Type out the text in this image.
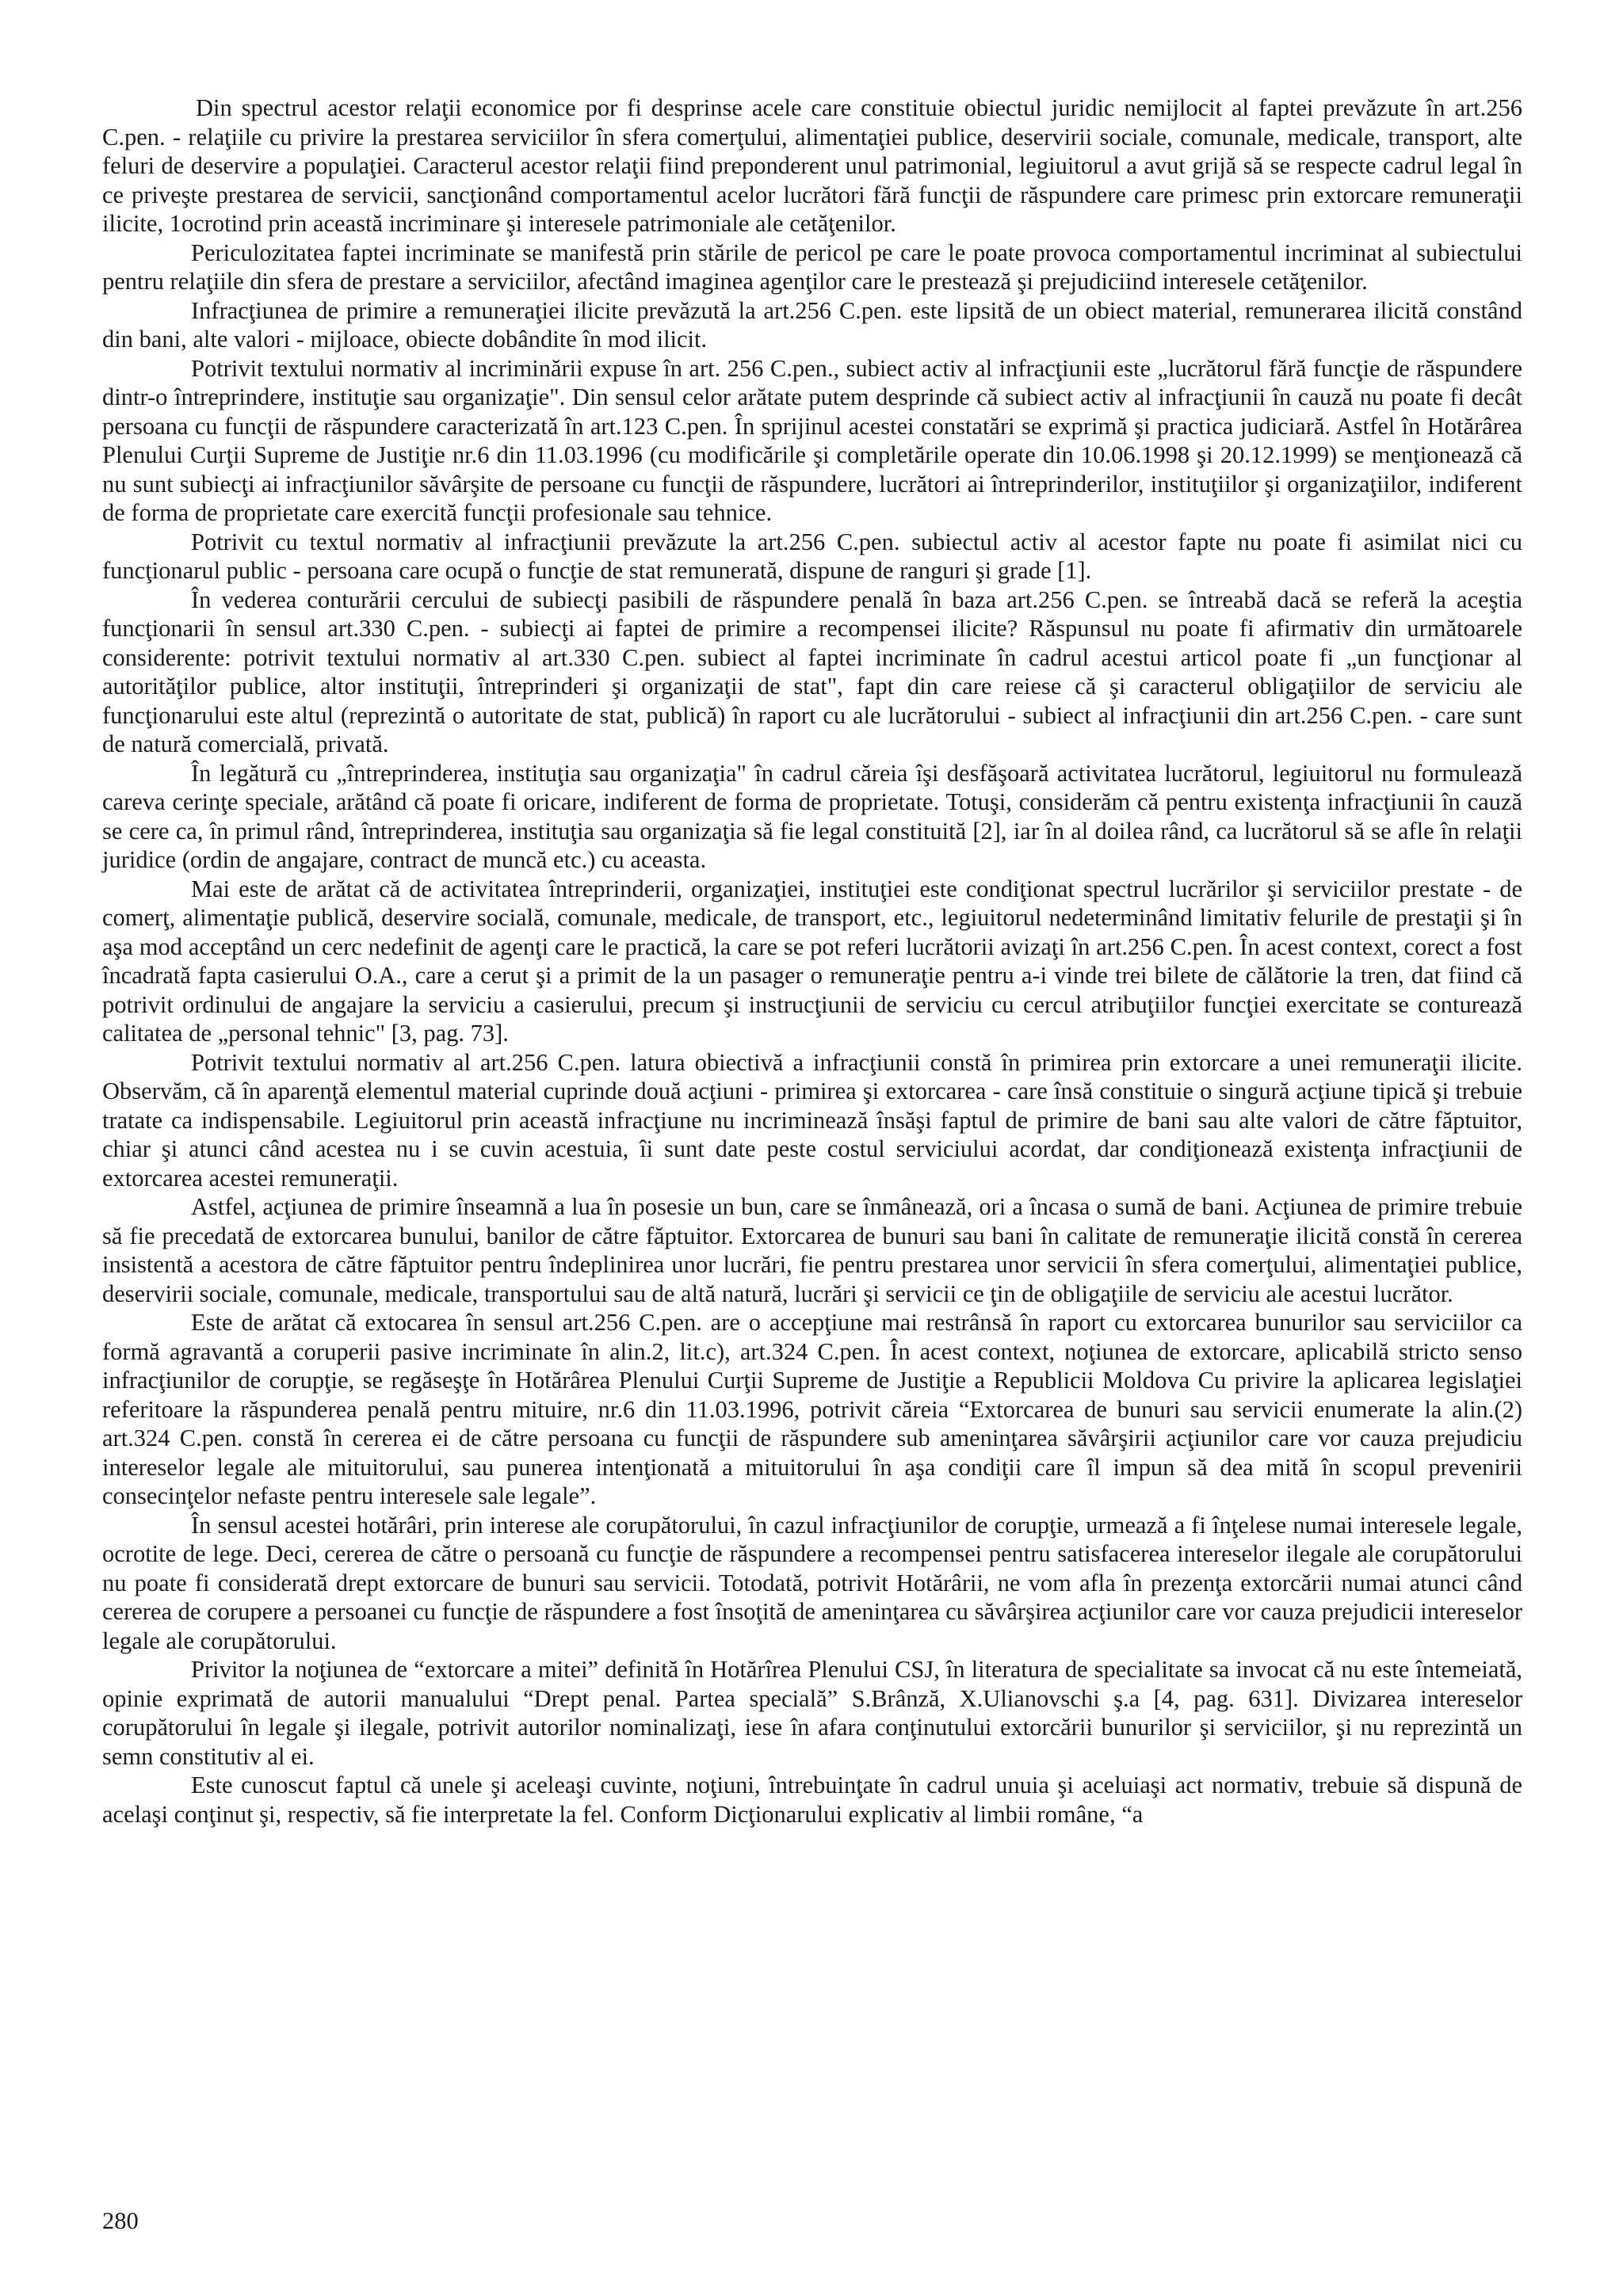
Din spectrul acestor relaţii economice por fi desprinse acele care constituie obiectul juridic nemijlocit al faptei prevăzute în art.256 C.pen. - relaţiile cu privire la prestarea serviciilor în sfera comerţului, alimentaţiei publice, deservirii sociale, comunale, medicale, transport, alte feluri de deservire a populaţiei. Caracterul acestor relaţii fiind preponderent unul patrimonial, legiuitorul a avut grijă să se respecte cadrul legal în ce priveşte prestarea de servicii, sancţionând comportamentul acelor lucrători fără funcţii de răspundere care primesc prin extorcare remuneraţii ilicite, 1ocrotind prin această incriminare şi interesele patrimoniale ale cetăţenilor.

Periculozitatea faptei incriminate se manifestă prin stările de pericol pe care le poate provoca comportamentul incriminat al subiectului pentru relaţiile din sfera de prestare a serviciilor, afectând imaginea agenţilor care le prestează şi prejudiciind interesele cetăţenilor.

Infracţiunea de primire a remuneraţiei ilicite prevăzută la art.256 C.pen. este lipsită de un obiect material, remunerarea ilicită constând din bani, alte valori - mijloace, obiecte dobândite în mod ilicit.

Potrivit textului normativ al incriminării expuse în art. 256 C.pen., subiect activ al infracţiunii este „lucrătorul fără funcţie de răspundere dintr-o întreprindere, instituţie sau organizaţie". Din sensul celor arătate putem desprinde că subiect activ al infracţiunii în cauză nu poate fi decât persoana cu funcţii de răspundere caracterizată în art.123 C.pen. În sprijinul acestei constatări se exprimă şi practica judiciară. Astfel în Hotărârea Plenului Curţii Supreme de Justiţie nr.6 din 11.03.1996 (cu modificările şi completările operate din 10.06.1998 şi 20.12.1999) se menţionează că nu sunt subiecţi ai infracţiunilor săvârşite de persoane cu funcţii de răspundere, lucrători ai întreprinderilor, instituţiilor şi organizaţiilor, indiferent de forma de proprietate care exercită funcţii profesionale sau tehnice.

Potrivit cu textul normativ al infracţiunii prevăzute la art.256 C.pen. subiectul activ al acestor fapte nu poate fi asimilat nici cu funcţionarul public - persoana care ocupă o funcţie de stat remunerată, dispune de ranguri şi grade [1].

În vederea conturării cercului de subiecţi pasibili de răspundere penală în baza art.256 C.pen. se întreabă dacă se referă la aceştia funcţionarii în sensul art.330 C.pen. - subiecţi ai faptei de primire a recompensei ilicite? Răspunsul nu poate fi afirmativ din următoarele considerente: potrivit textului normativ al art.330 C.pen. subiect al faptei incriminate în cadrul acestui articol poate fi „un funcţionar al autorităţilor publice, altor instituţii, întreprinderi şi organizaţii de stat", fapt din care reiese că şi caracterul obligaţiilor de serviciu ale funcţionarului este altul (reprezintă o autoritate de stat, publică) în raport cu ale lucrătorului - subiect al infracţiunii din art.256 C.pen. - care sunt de natură comercială, privată.

În legătură cu „întreprinderea, instituţia sau organizaţia" în cadrul căreia îşi desfăşoară activitatea lucrătorul, legiuitorul nu formulează careva cerinţe speciale, arătând că poate fi oricare, indiferent de forma de proprietate. Totuşi, considerăm că pentru existenţa infracţiunii în cauză se cere ca, în primul rând, întreprinderea, instituţia sau organizaţia să fie legal constituită [2], iar în al doilea rând, ca lucrătorul să se afle în relaţii juridice (ordin de angajare, contract de muncă etc.) cu aceasta.

Mai este de arătat că de activitatea întreprinderii, organizaţiei, instituţiei este condiţionat spectrul lucrărilor şi serviciilor prestate - de comerţ, alimentaţie publică, deservire socială, comunale, medicale, de transport, etc., legiuitorul nedeterminând limitativ felurile de prestaţii şi în aşa mod acceptând un cerc nedefinit de agenţi care le practică, la care se pot referi lucrătorii avizaţi în art.256 C.pen. În acest context, corect a fost încadrată fapta casierului O.A., care a cerut şi a primit de la un pasager o remuneraţie pentru a-i vinde trei bilete de călătorie la tren, dat fiind că potrivit ordinului de angajare la serviciu a casierului, precum şi instrucţiunii de serviciu cu cercul atribuţiilor funcţiei exercitate se conturează calitatea de „personal tehnic" [3, pag. 73].

Potrivit textului normativ al art.256 C.pen. latura obiectivă a infracţiunii constă în primirea prin extorcare a unei remuneraţii ilicite. Observăm, că în aparenţă elementul material cuprinde două acţiuni - primirea şi extorcarea - care însă constituie o singură acţiune tipică şi trebuie tratate ca indispensabile. Legiuitorul prin această infracţiune nu incriminează însăşi faptul de primire de bani sau alte valori de către făptuitor, chiar şi atunci când acestea nu i se cuvin acestuia, îi sunt date peste costul serviciului acordat, dar condiţionează existenţa infracţiunii de extorcarea acestei remuneraţii.

Astfel, acţiunea de primire înseamnă a lua în posesie un bun, care se înmânează, ori a încasa o sumă de bani. Acţiunea de primire trebuie să fie precedată de extorcarea bunului, banilor de către făptuitor. Extorcarea de bunuri sau bani în calitate de remuneraţie ilicită constă în cererea insistentă a acestora de către făptuitor pentru îndeplinirea unor lucrări, fie pentru prestarea unor servicii în sfera comerţului, alimentaţiei publice, deservirii sociale, comunale, medicale, transportului sau de altă natură, lucrări şi servicii ce ţin de obligaţiile de serviciu ale acestui lucrător.

Este de arătat că extocarea în sensul art.256 C.pen. are o accepţiune mai restrânsă în raport cu extorcarea bunurilor sau serviciilor ca formă agravantă a coruperii pasive incriminate în alin.2, lit.c), art.324 C.pen. În acest context, noţiunea de extorcare, aplicabilă stricto senso infracţiunilor de corupţie, se regăseşţe în Hotărârea Plenului Curţii Supreme de Justiţie a Republicii Moldova Cu privire la aplicarea legislaţiei referitoare la răspunderea penală pentru mituire, nr.6 din 11.03.1996, potrivit căreia “Extorcarea de bunuri sau servicii enumerate la alin.(2) art.324 C.pen. constă în cererea ei de către persoana cu funcţii de răspundere sub ameninţarea săvârşirii acţiunilor care vor cauza prejudiciu intereselor legale ale mituitorului, sau punerea intenţionată a mituitorului în aşa condiţii care îl impun să dea mită în scopul prevenirii consecinţelor nefaste pentru interesele sale legale”.

În sensul acestei hotărâri, prin interese ale corupătorului, în cazul infracţiunilor de corupţie, urmează a fi înţelese numai interesele legale, ocrotite de lege. Deci, cererea de către o persoană cu funcţie de răspundere a recompensei pentru satisfacerea intereselor ilegale ale corupătorului nu poate fi considerată drept extorcare de bunuri sau servicii. Totodată, potrivit Hotărârii, ne vom afla în prezenţa extorcării numai atunci când cererea de corupere a persoanei cu funcţie de răspundere a fost însoţită de ameninţarea cu săvârşirea acţiunilor care vor cauza prejudicii intereselor legale ale corupătorului.

Privitor la noţiunea de “extorcare a mitei” definită în Hotărîrea Plenului CSJ, în literatura de specialitate sa invocat că nu este întemeiată, opinie exprimată de autorii manualului “Drept penal. Partea specială” S.Brânză, X.Ulianovschi ş.a [4, pag. 631]. Divizarea intereselor corupătorului în legale şi ilegale, potrivit autorilor nominalizaţi, iese în afara conţinutului extorcării bunurilor şi serviciilor, şi nu reprezintă un semn constitutiv al ei.

Este cunoscut faptul că unele şi aceleaşi cuvinte, noţiuni, întrebuinţate în cadrul unuia şi aceluiaşi act normativ, trebuie să dispună de acelaşi conţinut şi, respectiv, să fie interpretate la fel. Conform Dicţionarului explicativ al limbii române, “a

280
